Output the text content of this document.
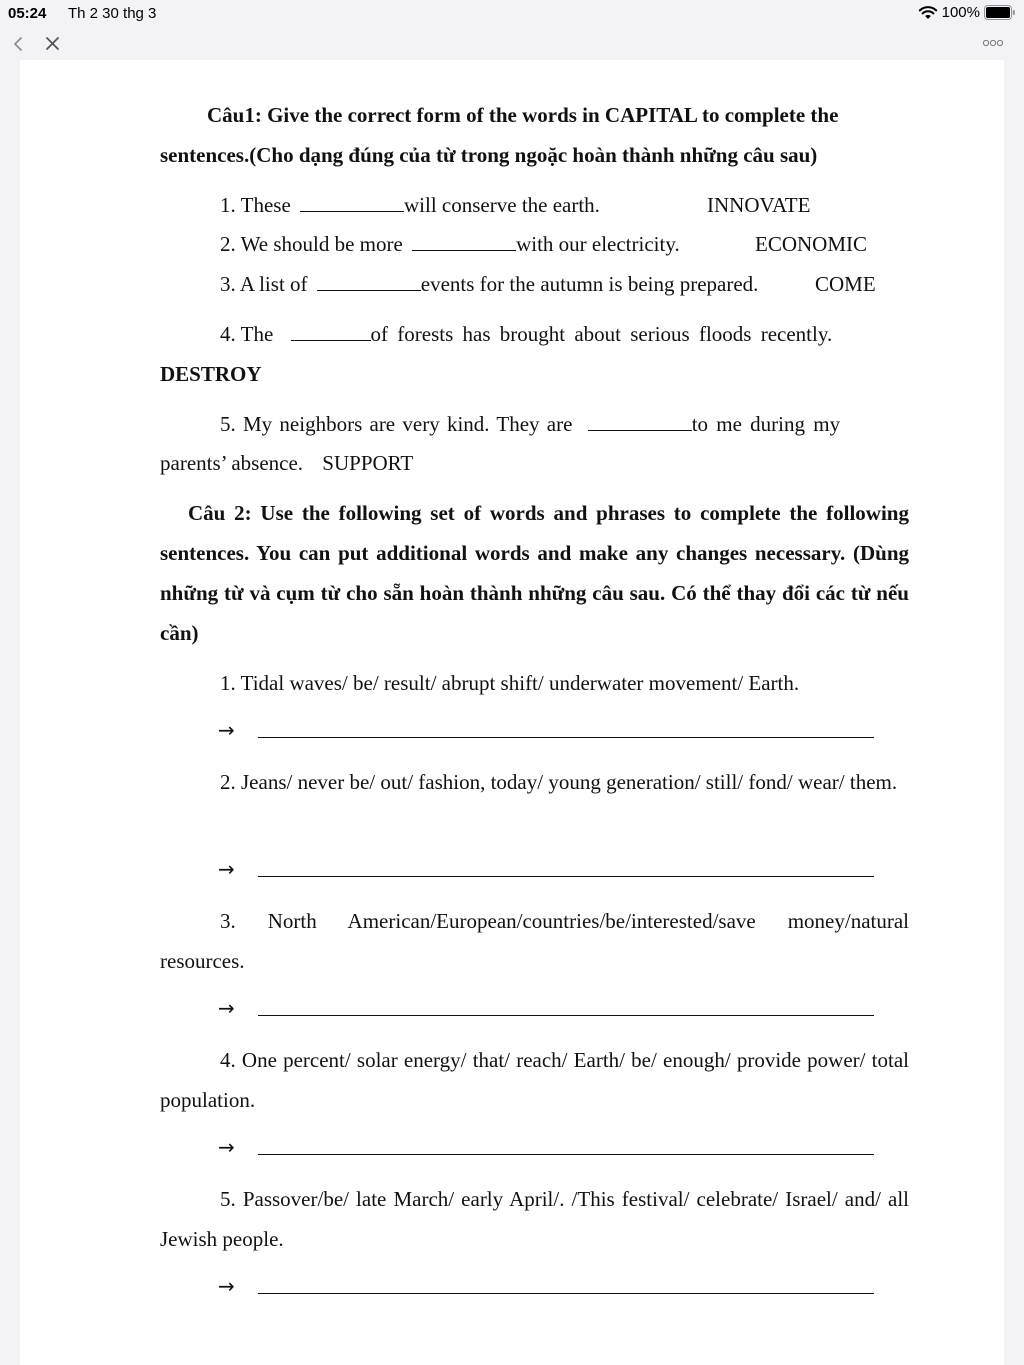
05:24 Th 2 30 thg 3	100%

Câu1: Give the correct form of the words in CAPITAL to complete the

sentences.(Cho dạng đúng của từ trong ngoặc hoàn thành những câu sau)

1. These	will conserve the earth.	INNOVATE
2. We should be more	with our electricity.	ECONOMIC
3. A list of	events for the autumn is being prepared.	COME
4. The	of forests has brought about serious floods recently.

DESTROY

5. My neighbors are very kind. They are	to me during my

parents’ absence. SUPPORT

Câu 2: Use the following set of words and phrases to complete the following sentences. You can put additional words and make any changes necessary. (Dùng những từ và cụm từ cho sẵn hoàn thành những câu sau. Có thể thay đổi các từ nếu cần)

1. Tidal waves/ be/ result/ abrupt shift/ underwater movement/ Earth.

→

2. Jeans/ never be/ out/ fashion, today/ young generation/ still/ fond/ wear/ them.

→

3. North American/European/countries/be/interested/save money/natural resources.

→

4. One percent/ solar energy/ that/ reach/ Earth/ be/ enough/ provide power/ total population.

→

5. Passover/be/ late March/ early April/. /This festival/ celebrate/ Israel/ and/ all Jewish people.

→
